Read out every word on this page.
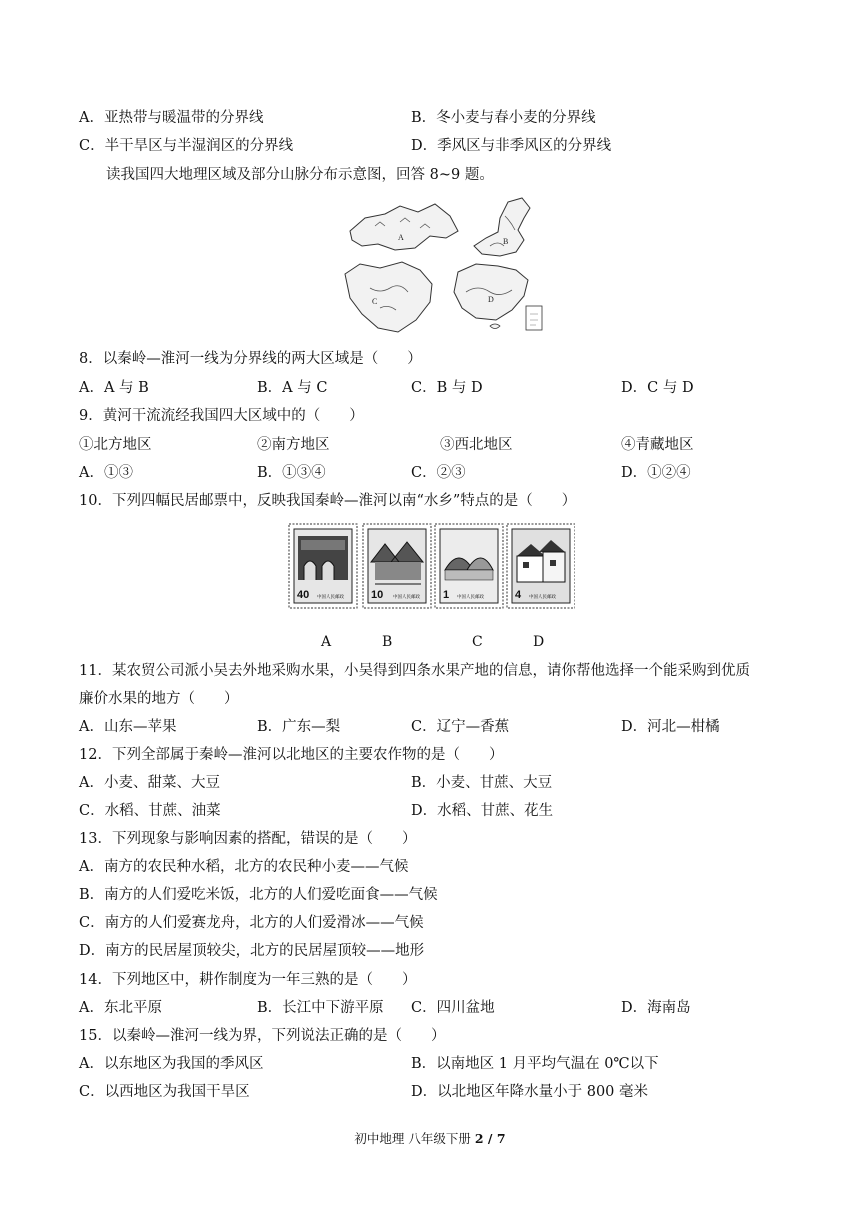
A．亚热带与暖温带的分界线	B．冬小麦与春小麦的分界线
C．半干旱区与半湿润区的分界线	D．季风区与非季风区的分界线
读我国四大地理区域及部分山脉分布示意图，回答 8~9 题。
A	B
C	D
8．以秦岭—淮河一线为分界线的两大区域是（　　）
A．A 与 B	B．A 与 C	C．B 与 D	D．C 与 D
9．黄河干流流经我国四大区域中的（　　）
①北方地区	②南方地区	③西北地区	④青藏地区
A．①③	B．①③④	C．②③	D．①②④
10．下列四幅民居邮票中，反映我国秦岭—淮河以南“水乡”特点的是（　　）
40 中国人民邮政 10 中国人民邮政 1 中国人民邮政	4 中国人民邮政
A	B	C	D
11．某农贸公司派小吴去外地采购水果，小吴得到四条水果产地的信息，请你帮他选择一个能采购到优质
廉价水果的地方（　　）
A．山东—苹果	B．广东—梨	C．辽宁—香蕉	D．河北—柑橘
12．下列全部属于秦岭—淮河以北地区的主要农作物的是（　　）
A．小麦、甜菜、大豆	B．小麦、甘蔗、大豆
C．水稻、甘蔗、油菜	D．水稻、甘蔗、花生
13．下列现象与影响因素的搭配，错误的是（　　）
A．南方的农民种水稻，北方的农民种小麦——气候
B．南方的人们爱吃米饭，北方的人们爱吃面食——气候
C．南方的人们爱赛龙舟，北方的人们爱滑冰——气候
D．南方的民居屋顶较尖，北方的民居屋顶较——地形
14．下列地区中，耕作制度为一年三熟的是（　　）
A．东北平原	B．长江中下游平原 C．四川盆地	D．海南岛
15．以秦岭—淮河一线为界，下列说法正确的是（　　）
A．以东地区为我国的季风区	B．以南地区 1 月平均气温在 0℃以下
C．以西地区为我国干旱区	D．以北地区年降水量小于 800 毫米
初中地理 八年级下册 2 / 7
